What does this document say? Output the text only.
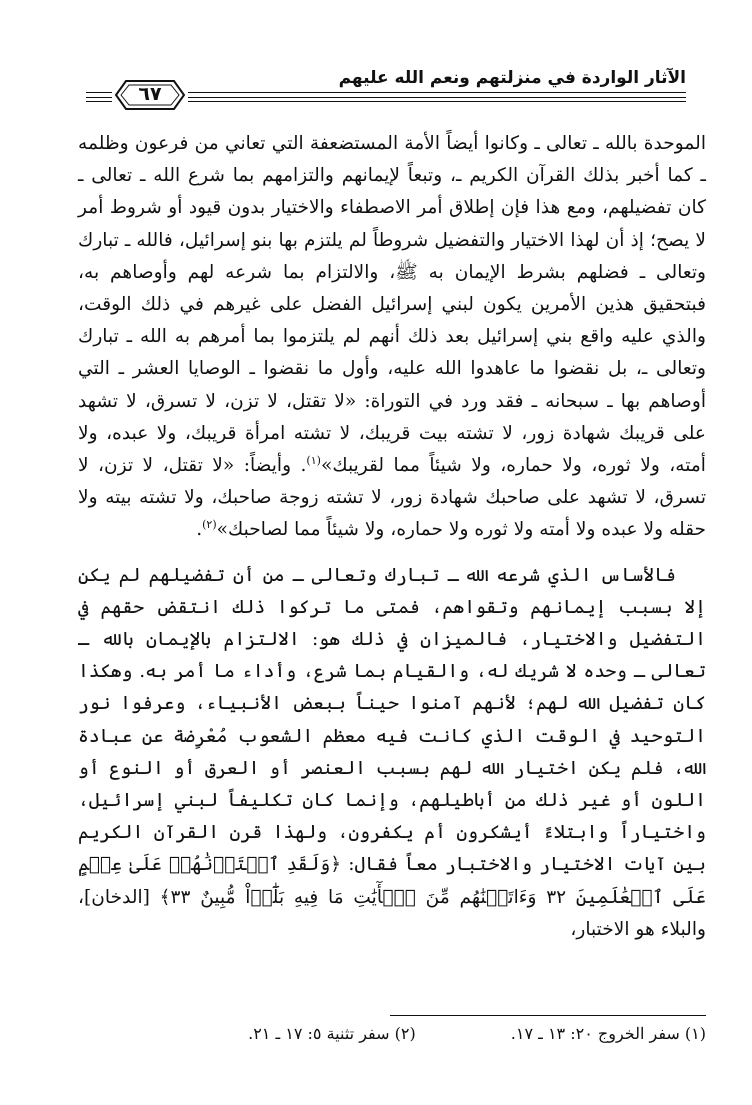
الآثار الواردة في منزلتهم ونعم الله عليهم
٦٧

الموحدة بالله ـ تعالى ـ وكانوا أيضاً الأمة المستضعفة التي تعاني من فرعون وظلمه ـ كما أخبر بذلك القرآن الكريم ـ، وتبعاً لإيمانهم والتزامهم بما شرع الله ـ تعالى ـ كان تفضيلهم، ومع هذا فإن إطلاق أمر الاصطفاء والاختيار بدون قيود أو شروط أمر لا يصح؛ إذ أن لهذا الاختيار والتفضيل شروطاً لم يلتزم بها بنو إسرائيل، فالله ـ تبارك وتعالى ـ فضلهم بشرط الإيمان به ﷺ، والالتزام بما شرعه لهم وأوصاهم به، فبتحقيق هذين الأمرين يكون لبني إسرائيل الفضل على غيرهم في ذلك الوقت، والذي عليه واقع بني إسرائيل بعد ذلك أنهم لم يلتزموا بما أمرهم به الله ـ تبارك وتعالى ـ، بل نقضوا ما عاهدوا الله عليه، وأول ما نقضوا ـ الوصايا العشر ـ التي أوصاهم بها ـ سبحانه ـ فقد ورد في التوراة: «لا تقتل، لا تزن، لا تسرق، لا تشهد على قريبك شهادة زور، لا تشته بيت قريبك، لا تشته امرأة قريبك، ولا عبده، ولا أمته، ولا ثوره، ولا حماره، ولا شيئاً مما لقريبك»$^{(١)}$. وأيضاً: «لا تقتل، لا تزن، لا تسرق، لا تشهد على صاحبك شهادة زور، لا تشته زوجة صاحبك، ولا تشته بيته ولا حقله ولا عبده ولا أمته ولا ثوره ولا حماره، ولا شيئاً مما لصاحبك»$^{(٢)}$.

فالأساس الذي شرعه الله ـ تبارك وتعالى ـ من أن تفضيلهم لم يكن إلا بسبب إيمانهم وتقواهم، فمتى ما تركوا ذلك انتقض حقهم في التفضيل والاختيار، فالميزان في ذلك هو: الالتزام بالإيمان بالله ـ تعالى ـ وحده لا شريك له، والقيام بما شرع، وأداء ما أمر به. وهكذا كان تفضيل الله لهم؛ لأنهم آمنوا حيناً ببعض الأنبياء، وعرفوا نور التوحيد في الوقت الذي كانت فيه معظم الشعوب مُعْرِضة عن عبادة الله، فلم يكن اختيار الله لهم بسبب العنصر أو العرق أو النوع أو اللون أو غير ذلك من أباطيلهم، وإنما كان تكليفاً لبني إسرائيل، واختياراً وابتلاءً أيشكرون أم يكفرون، ولهذا قرن القرآن الكريم بين آيات الاختيار والاختبار معاً فقال: ﴿وَلَقَدِ ٱخۡتَرۡنَٰهُمۡ عَلَىٰ عِلۡمٍ عَلَى ٱلۡعَٰلَمِينَ ٣٢ وَءَاتَيۡنَٰهُم مِّنَ ٱلۡأٓيَٰتِ مَا فِيهِ بَلَٰٓؤٞاْ مُّبِينٌ ٣٣﴾ [الدخان]، والبلاء هو الاختبار،

(١) سفر الخروج ٢٠: ١٣ ـ ١٧. (٢) سفر تثنية ٥: ١٧ ـ ٢١.
